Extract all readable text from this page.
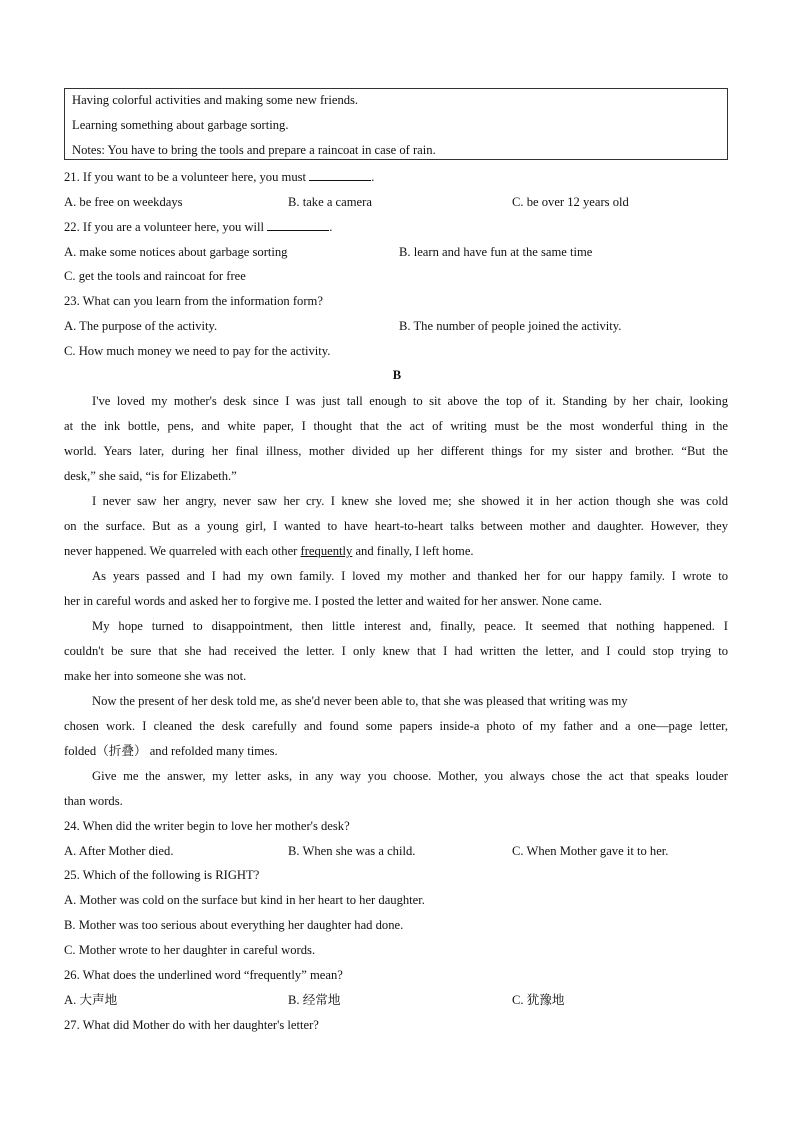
Having colorful activities and making some new friends.
Learning something about garbage sorting.
Notes: You have to bring the tools and prepare a raincoat in case of rain.
21. If you want to be a volunteer here, you must	.
A. be free on weekdays	B. take a camera	C. be over 12 years old
22. If you are a volunteer here, you will	.
A. make some notices about garbage sorting	B. learn and have fun at the same time
C. get the tools and raincoat for free
23. What can you learn from the information form?
A. The purpose of the activity.	B. The number of people joined the activity.
C. How much money we need to pay for the activity.
B
I've loved my mother's desk since I was just tall enough to sit above the top of it. Standing by her chair, looking
at the ink bottle, pens, and white paper, I thought that the act of writing must be the most wonderful thing in the
world. Years later, during her final illness, mother divided up her different things for my sister and brother. “But the
desk,” she said, “is for Elizabeth.”
I never saw her angry, never saw her cry. I knew she loved me; she showed it in her action though she was cold
on the surface. But as a young girl, I wanted to have heart-to-heart talks between mother and daughter. However, they
never happened. We quarreled with each other frequently and finally, I left home.
As years passed and I had my own family. I loved my mother and thanked her for our happy family. I wrote to
her in careful words and asked her to forgive me. I posted the letter and waited for her answer. None came.
My hope turned to disappointment, then little interest and, finally, peace. It seemed that nothing happened. I
couldn't be sure that she had received the letter. I only knew that I had written the letter, and I could stop trying to
make her into someone she was not.
Now the present of her desk told me, as she'd never been able to, that she was pleased that writing was my
chosen work. I cleaned the desk carefully and found some papers inside-a photo of my father and a one—page letter,
folded（折叠） and refolded many times.
Give me the answer, my letter asks, in any way you choose. Mother, you always chose the act that speaks louder
than words.
24. When did the writer begin to love her mother's desk?
A. After Mother died.	B. When she was a child.	C. When Mother gave it to her.
25. Which of the following is RIGHT?
A. Mother was cold on the surface but kind in her heart to her daughter.
B. Mother was too serious about everything her daughter had done.
C. Mother wrote to her daughter in careful words.
26. What does the underlined word “frequently” mean?
A. 大声地	B. 经常地	C. 犹豫地
27. What did Mother do with her daughter's letter?
